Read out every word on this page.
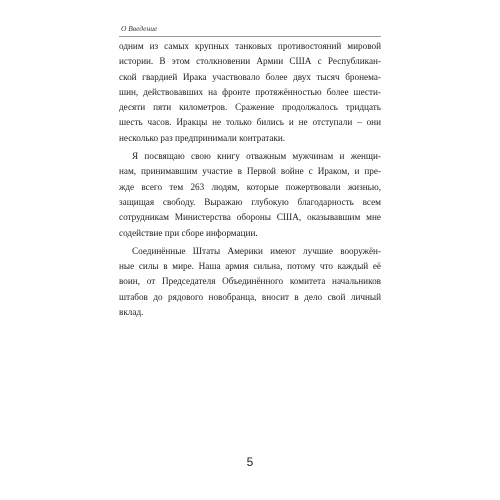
О Введение
одним из самых крупных танковых противостояний мировой
истории. В этом столкновении Армии США с Республикан-
ской гвардией Ирака участвовало более двух тысяч бронема-
шин, действовавших на фронте протяжённостью более шести-
десяти пяти километров. Сражение продолжалось тридцать
шесть часов. Иракцы не только бились и не отступали – они
несколько раз предпринимали контратаки.
Я посвящаю свою книгу отважным мужчинам и женщи-
нам, принимавшим участие в Первой войне с Ираком, и пре-
жде всего тем 263 людям, которые пожертвовали жизнью,
защищая свободу. Выражаю глубокую благодарность всем
сотрудникам Министерства обороны США, оказывавшим мне
содействие при сборе информации.
Соединённые Штаты Америки имеют лучшие вооружён-
ные силы в мире. Наша армия сильна, потому что каждый её
воин, от Председателя Объединённого комитета начальников
штабов до рядового новобранца, вносит в дело свой личный
вклад.
5
